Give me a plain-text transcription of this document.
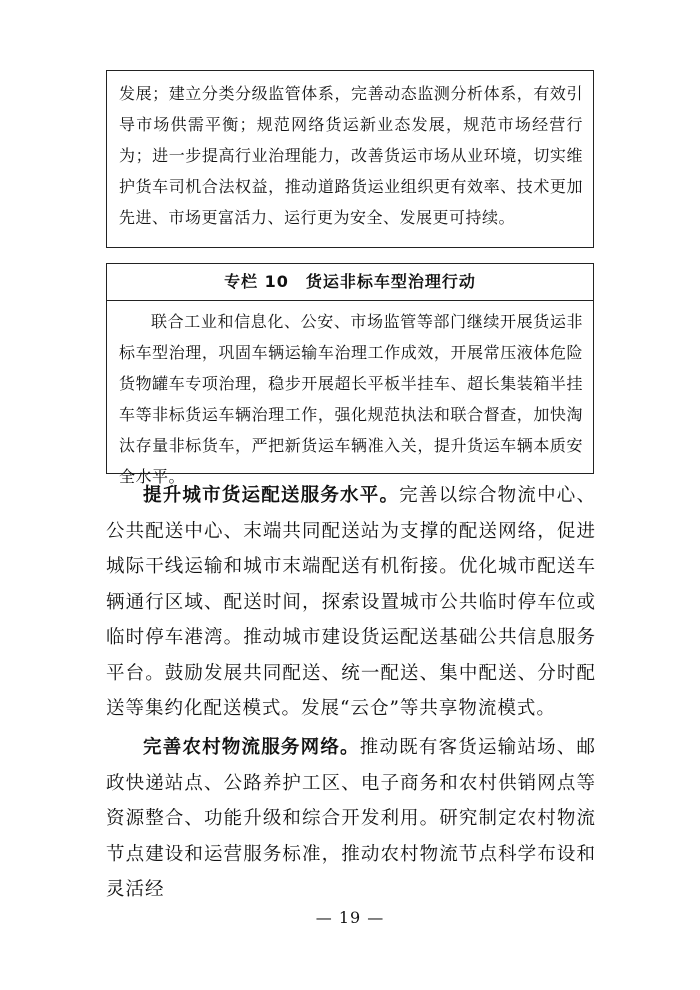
发展；建立分类分级监管体系，完善动态监测分析体系，有效引导市场供需平衡；规范网络货运新业态发展，规范市场经营行为；进一步提高行业治理能力，改善货运市场从业环境，切实维护货车司机合法权益，推动道路货运业组织更有效率、技术更加先进、市场更富活力、运行更为安全、发展更可持续。

专栏 10　货运非标车型治理行动

联合工业和信息化、公安、市场监管等部门继续开展货运非标车型治理，巩固车辆运输车治理工作成效，开展常压液体危险货物罐车专项治理，稳步开展超长平板半挂车、超长集装箱半挂车等非标货运车辆治理工作，强化规范执法和联合督查，加快淘汰存量非标货车，严把新货运车辆准入关，提升货运车辆本质安全水平。

提升城市货运配送服务水平。完善以综合物流中心、公共配送中心、末端共同配送站为支撑的配送网络，促进城际干线运输和城市末端配送有机衔接。优化城市配送车辆通行区域、配送时间，探索设置城市公共临时停车位或临时停车港湾。推动城市建设货运配送基础公共信息服务平台。鼓励发展共同配送、统一配送、集中配送、分时配送等集约化配送模式。发展“云仓”等共享物流模式。

完善农村物流服务网络。推动既有客货运输站场、邮政快递站点、公路养护工区、电子商务和农村供销网点等资源整合、功能升级和综合开发利用。研究制定农村物流节点建设和运营服务标准，推动农村物流节点科学布设和灵活经

— 19 —
